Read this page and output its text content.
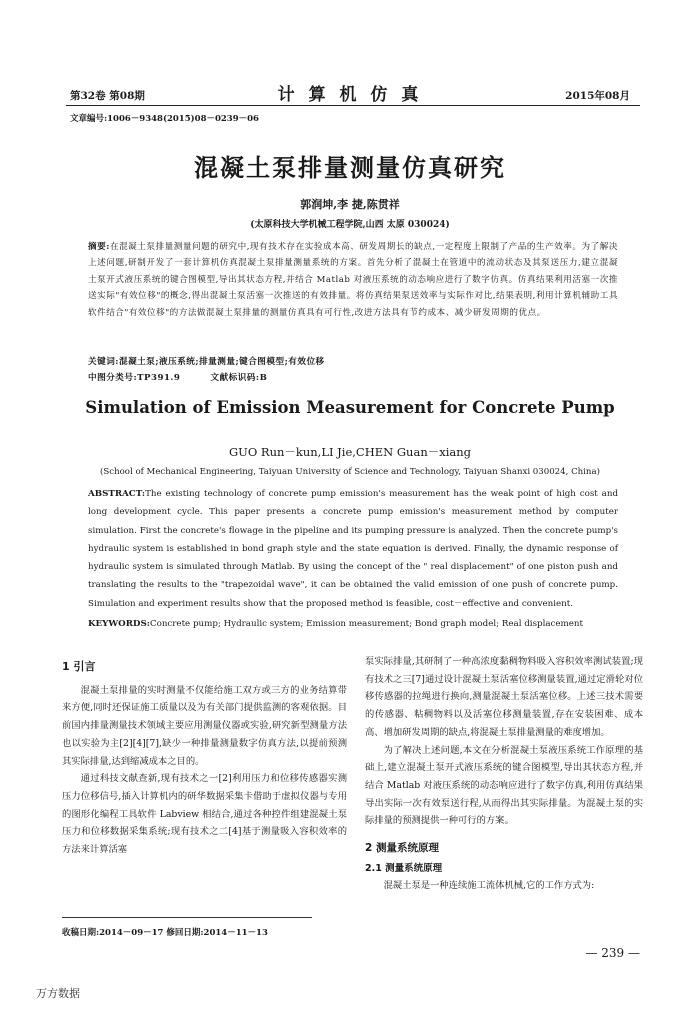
第32卷 第08期	计 算 机 仿 真	2015年08月
文章编号:1006－9348(2015)08－0239－06
混凝土泵排量测量仿真研究
郭润坤,李 捷,陈贯祥
(太原科技大学机械工程学院,山西 太原 030024)
摘要:在混凝土泵排量测量问题的研究中,现有技术存在实验成本高、研发周期长的缺点,一定程度上限制了产品的生产效率。为了解决上述问题,研制开发了一套计算机仿真混凝土泵排量测量系统的方案。首先分析了混凝土在管道中的流动状态及其泵送压力,建立混凝土泵开式液压系统的键合图模型,导出其状态方程,并结合 Matlab 对液压系统的动态响应进行了数字仿真。仿真结果利用活塞一次推送实际"有效位移"的概念,得出混凝土泵活塞一次推送的有效排量。将仿真结果泵送效率与实际作对比,结果表明,利用计算机辅助工具软件结合"有效位移"的方法做混凝土泵排量的测量仿真具有可行性,改进方法具有节约成本、减少研发周期的优点。
关键词:混凝土泵;液压系统;排量测量;键合图模型;有效位移
中图分类号:TP391.9	文献标识码:B
Simulation of Emission Measurement for Concrete Pump
GUO Run－kun,LI Jie,CHEN Guan－xiang
(School of Mechanical Engineering, Taiyuan University of Science and Technology, Taiyuan Shanxi 030024, China)
ABSTRACT:The existing technology of concrete pump emission's measurement has the weak point of high cost and long development cycle. This paper presents a concrete pump emission's measurement method by computer simulation. First the concrete's flowage in the pipeline and its pumping pressure is analyzed. Then the concrete pump's hydraulic system is established in bond graph style and the state equation is derived. Finally, the dynamic response of hydraulic system is simulated through Matlab. By using the concept of the " real displacement" of one piston push and translating the results to the "trapezoidal wave", it can be obtained the valid emission of one push of concrete pump. Simulation and experiment results show that the proposed method is feasible, cost－effective and convenient.
KEYWORDS:Concrete pump; Hydraulic system; Emission measurement; Bond graph model; Real displacement
1 引言

混凝土泵排量的实时测量不仅能给施工双方或三方的业务结算带来方便,同时还保证施工质量以及为有关部门提供监测的客观依据。目前国内排量测量技术领域主要应用测量仪器或实验,研究新型测量方法也以实验为主[2][4][7],缺少一种排量测量数字仿真方法,以提前预测其实际排量,达到缩减成本之目的。

通过科技文献查新,现有技术之一[2]利用压力和位移传感器实测压力位移信号,插入计算机内的研华数据采集卡借助于虚拟仪器与专用的图形化编程工具软件 Labview 相结合,通过各种控件组建混凝土泵压力和位移数据采集系统;现有技术之二[4]基于测量吸入容积效率的方法来计算活塞

收稿日期:2014－09－17 修回日期:2014－11－13

泵实际排量,其研制了一种高浓度黏稠物料吸入容积效率测试装置;现有技术之三[7]通过设计混凝土泵活塞位移测量装置,通过定滑轮对位移传感器的拉绳进行换向,测量混凝土泵活塞位移。上述三技术需要的传感器、粘稠物料以及活塞位移测量装置,存在安装困难、成本高、增加研发周期的缺点,将混凝土泵排量测量的难度增加。

为了解决上述问题,本文在分析混凝土泵液压系统工作原理的基础上,建立混凝土泵开式液压系统的键合图模型,导出其状态方程,并结合 Matlab 对液压系统的动态响应进行了数字仿真,利用仿真结果导出实际一次有效泵送行程,从而得出其实际排量。为混凝土泵的实际排量的预测提供一种可行的方案。

2 测量系统原理
2.1 测量系统原理

混凝土泵是一种连续施工流体机械,它的工作方式为:

— 239 —
万方数据
